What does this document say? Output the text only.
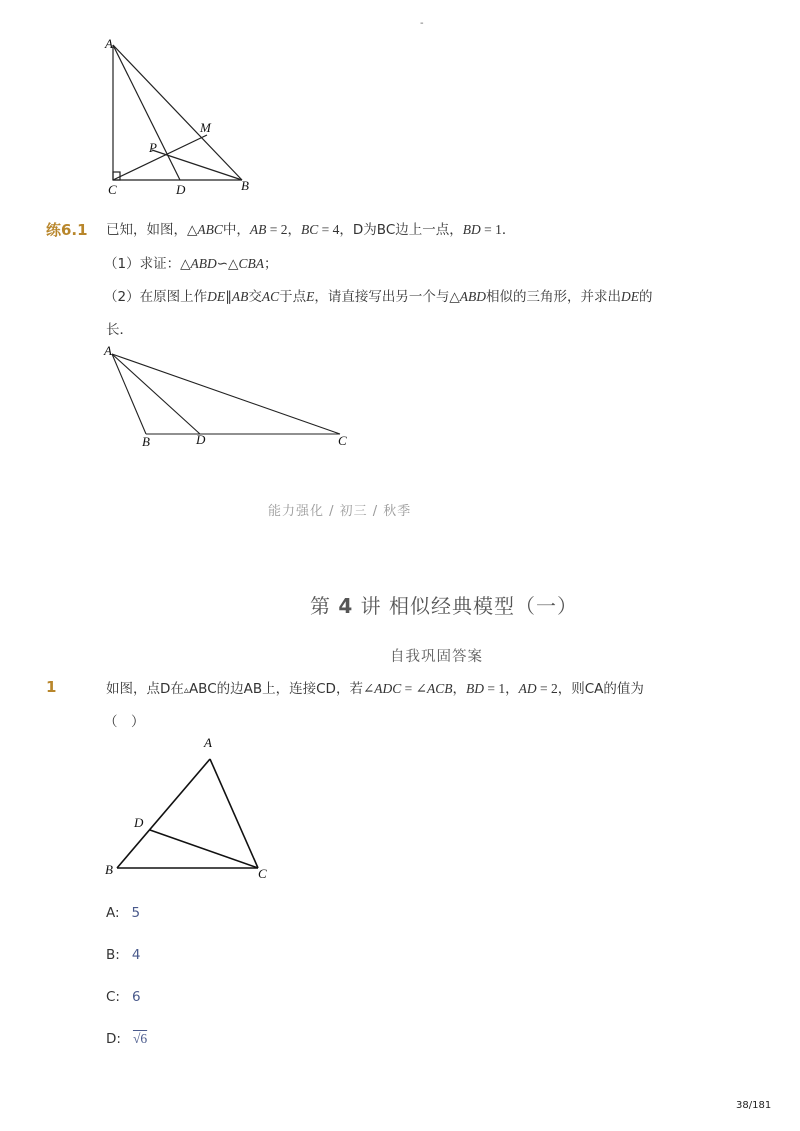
-
A
M
P
C	D	B
练6.1 已知，如图，△ABC中，AB = 2，BC = 4，D为BC边上一点，BD = 1．
（1）求证：△ABD∽△CBA；
（2）在原图上作DE∥AB交AC于点E，请直接写出另一个与△ABD相似的三角形，并求出DE的
长．
A
B	D	C
能力强化 / 初三 / 秋季
第 4 讲 相似经典模型（一）
自我巩固答案
1	如图，点D在▵ABC的边AB上，连接CD，若∠ADC = ∠ACB，BD = 1，AD = 2，则CA的值为
（　）
A
D
B	C
A: 5
B: 4
C: 6
D: √6
38/181
